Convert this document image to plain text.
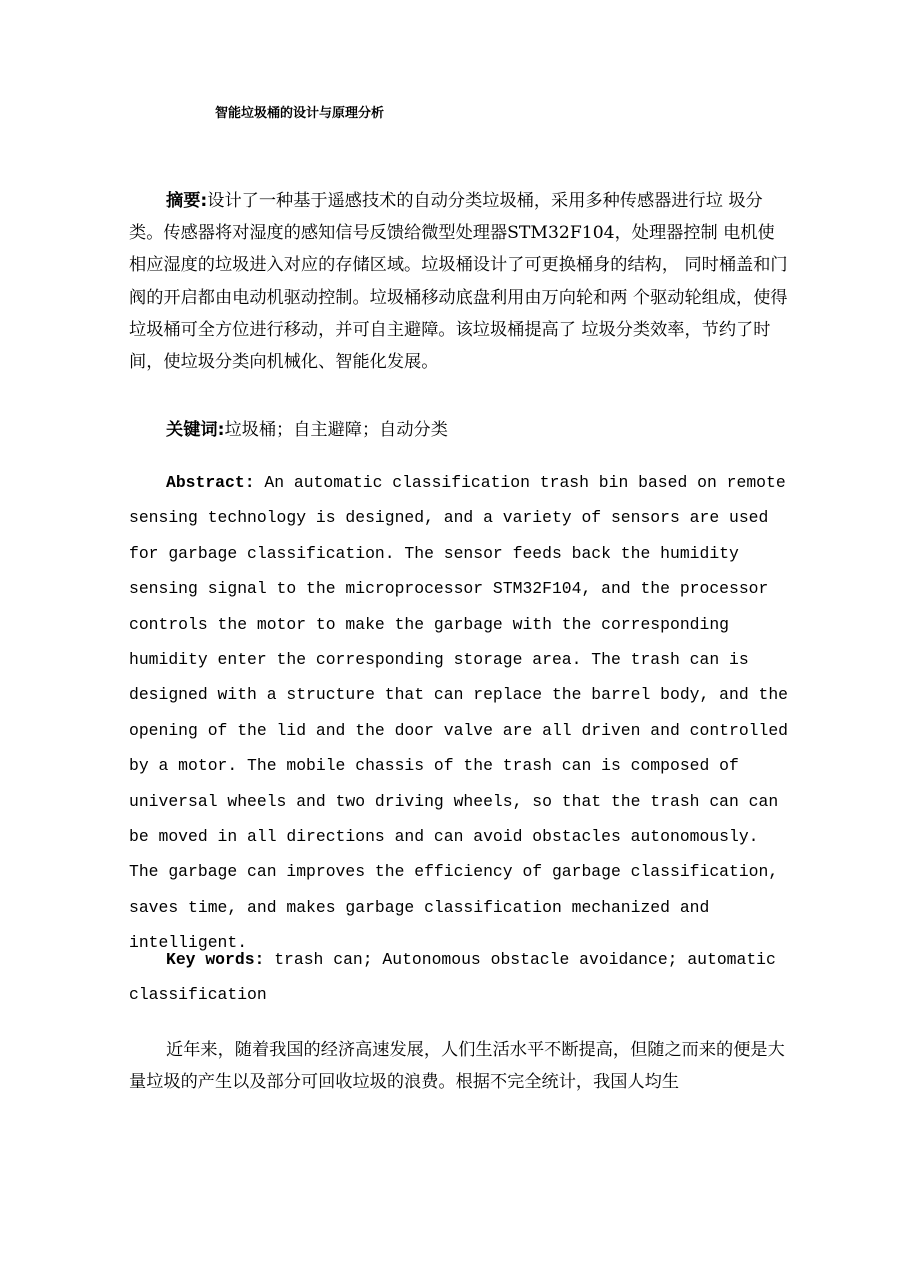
智能垃圾桶的设计与原理分析

摘要:设计了一种基于遥感技术的自动分类垃圾桶，采用多种传感器进行垃 圾分类。传感器将对湿度的感知信号反馈给微型处理器STM32F104，处理器控制 电机使相应湿度的垃圾进入对应的存储区域。垃圾桶设计了可更换桶身的结构， 同时桶盖和门阀的开启都由电动机驱动控制。垃圾桶移动底盘利用由万向轮和两 个驱动轮组成，使得垃圾桶可全方位进行移动，并可自主避障。该垃圾桶提高了 垃圾分类效率，节约了时间，使垃圾分类向机械化、智能化发展。

关键词:垃圾桶；自主避障；自动分类

Abstract: An automatic classification trash bin based on remote sensing technology is designed, and a variety of sensors are used for garbage classification. The sensor feeds back the humidity sensing signal to the microprocessor STM32F104, and the processor controls the motor to make the garbage with the corresponding humidity enter the corresponding storage area. The trash can is designed with a structure that can replace the barrel body, and the opening of the lid and the door valve are all driven and controlled by a motor. The mobile chassis of the trash can is composed of universal wheels and two driving wheels, so that the trash can can be moved in all directions and can avoid obstacles autonomously. The garbage can improves the efficiency of garbage classification, saves time, and makes garbage classification mechanized and intelligent.

Key words: trash can; Autonomous obstacle avoidance; automatic classification

近年来，随着我国的经济高速发展，人们生活水平不断提高，但随之而来的便是大量垃圾的产生以及部分可回收垃圾的浪费。根据不完全统计，我国人均生
